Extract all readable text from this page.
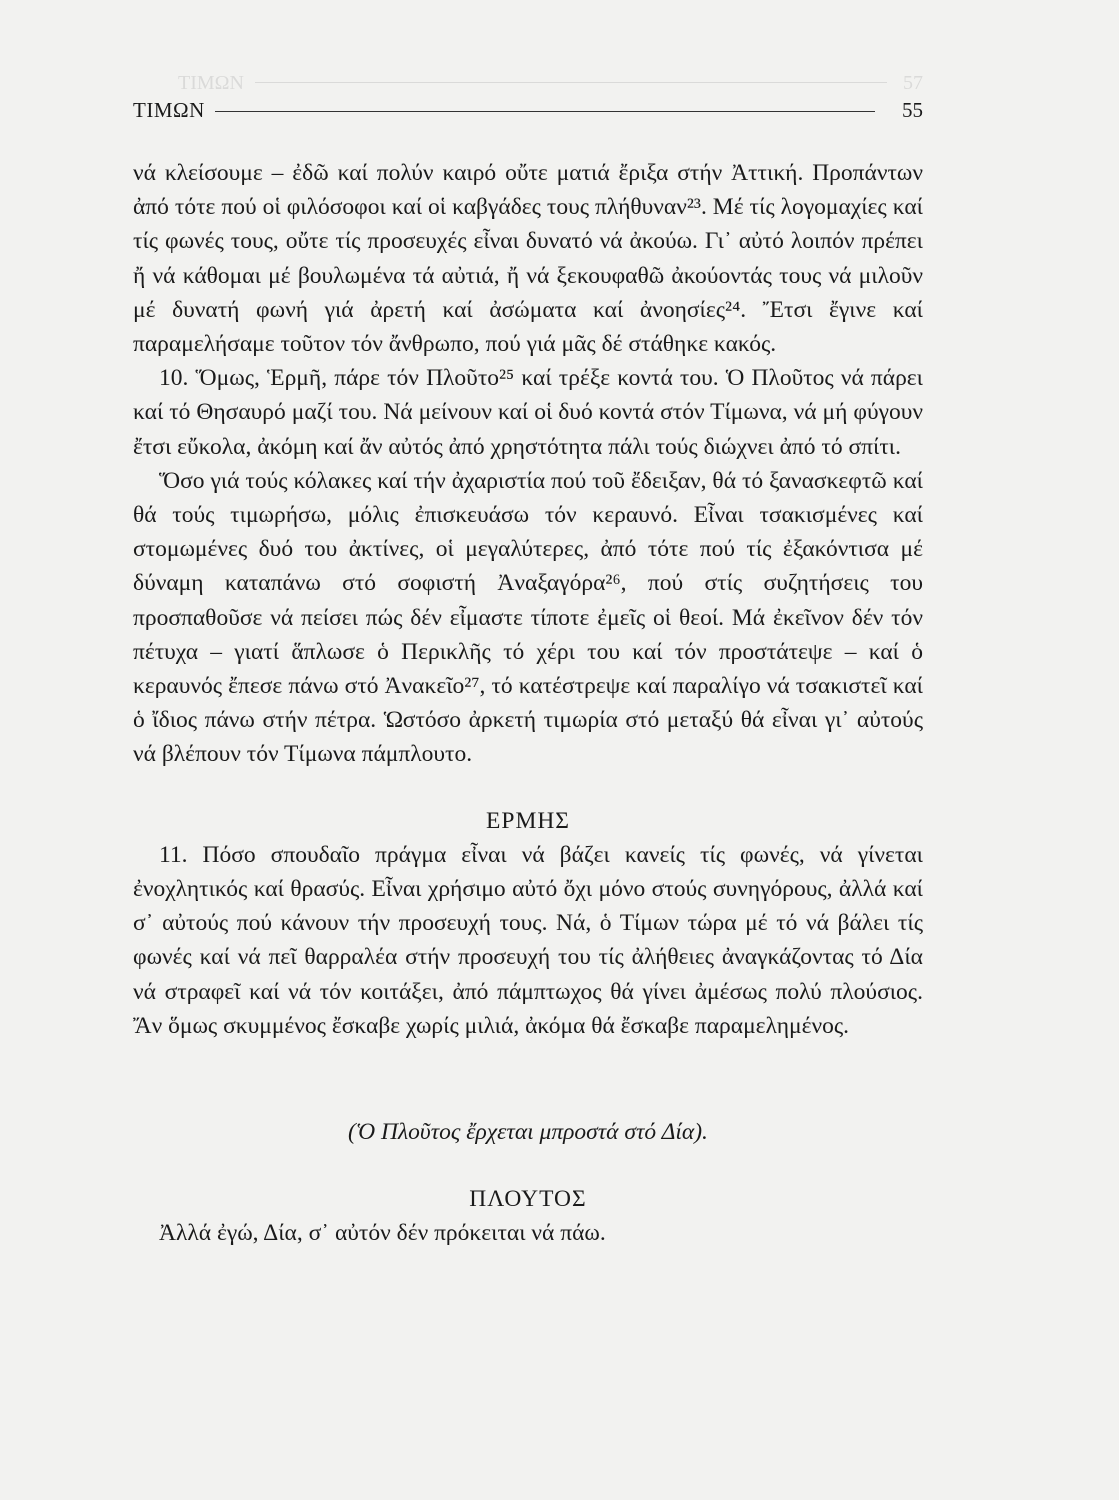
ΤΙΜΩΝ	57
ΤΙΜΩΝ	55

νά κλείσουμε – ἐδῶ καί πολύν καιρό οὔτε ματιά ἔριξα στήν Ἀττική. Προπάντων ἀπό τότε πού οἱ φιλόσοφοι καί οἱ καβγάδες τους πλήθυναν²³. Μέ τίς λογομαχίες καί τίς φωνές τους, οὔτε τίς προσευχές εἶναι δυνατό νά ἀκούω. Γι᾿ αὐτό λοιπόν πρέπει ἤ νά κάθομαι μέ βουλωμένα τά αὐτιά, ἤ νά ξεκουφαθῶ ἀκούοντάς τους νά μιλοῦν μέ δυνατή φωνή γιά ἀρετή καί ἀσώματα καί ἀνοησίες²⁴. Ἔτσι ἔγινε καί παραμελήσαμε τοῦτον τόν ἄνθρωπο, πού γιά μᾶς δέ στάθηκε κακός.

10. Ὅμως, Ἑρμῆ, πάρε τόν Πλοῦτο²⁵ καί τρέξε κοντά του. Ὁ Πλοῦτος νά πάρει καί τό Θησαυρό μαζί του. Νά μείνουν καί οἱ δυό κοντά στόν Τίμωνα, νά μή φύγουν ἔτσι εὔκολα, ἀκόμη καί ἄν αὐτός ἀπό χρηστότητα πάλι τούς διώχνει ἀπό τό σπίτι.

Ὅσο γιά τούς κόλακες καί τήν ἀχαριστία πού τοῦ ἔδειξαν, θά τό ξανασκεφτῶ καί θά τούς τιμωρήσω, μόλις ἐπισκευάσω τόν κεραυνό. Εἶναι τσακισμένες καί στομωμένες δυό του ἀκτίνες, οἱ μεγαλύτερες, ἀπό τότε πού τίς ἐξακόντισα μέ δύναμη καταπάνω στό σοφιστή Ἀναξαγόρα²⁶, πού στίς συζητήσεις του προσπαθοῦσε νά πείσει πώς δέν εἶμαστε τίποτε ἐμεῖς οἱ θεοί. Μά ἐκεῖνον δέν τόν πέτυχα – γιατί ἅπλωσε ὁ Περικλῆς τό χέρι του καί τόν προστάτεψε – καί ὁ κεραυνός ἔπεσε πάνω στό Ἀνακεῖο²⁷, τό κατέστρεψε καί παραλίγο νά τσακιστεῖ καί ὁ ἴδιος πάνω στήν πέτρα. Ὡστόσο ἀρκετή τιμωρία στό μεταξύ θά εἶναι γι᾿ αὐτούς νά βλέπουν τόν Τίμωνα πάμπλουτο.

ΕΡΜΗΣ

11. Πόσο σπουδαῖο πράγμα εἶναι νά βάζει κανείς τίς φωνές, νά γίνεται ἐνοχλητικός καί θρασύς. Εἶναι χρήσιμο αὐτό ὄχι μόνο στούς συνηγόρους, ἀλλά καί σ᾿ αὐτούς πού κάνουν τήν προσευχή τους. Νά, ὁ Τίμων τώρα μέ τό νά βάλει τίς φωνές καί νά πεῖ θαρραλέα στήν προσευχή του τίς ἀλήθειες ἀναγκάζοντας τό Δία νά στραφεῖ καί νά τόν κοιτάξει, ἀπό πάμπτωχος θά γίνει ἀμέσως πολύ πλούσιος. Ἄν ὅμως σκυμμένος ἔσκαβε χωρίς μιλιά, ἀκόμα θά ἔσκαβε παραμελημένος.

(Ὁ Πλοῦτος ἔρχεται μπροστά στό Δία).

ΠΛΟΥΤΟΣ

Ἀλλά ἐγώ, Δία, σ᾿ αὐτόν δέν πρόκειται νά πάω.
